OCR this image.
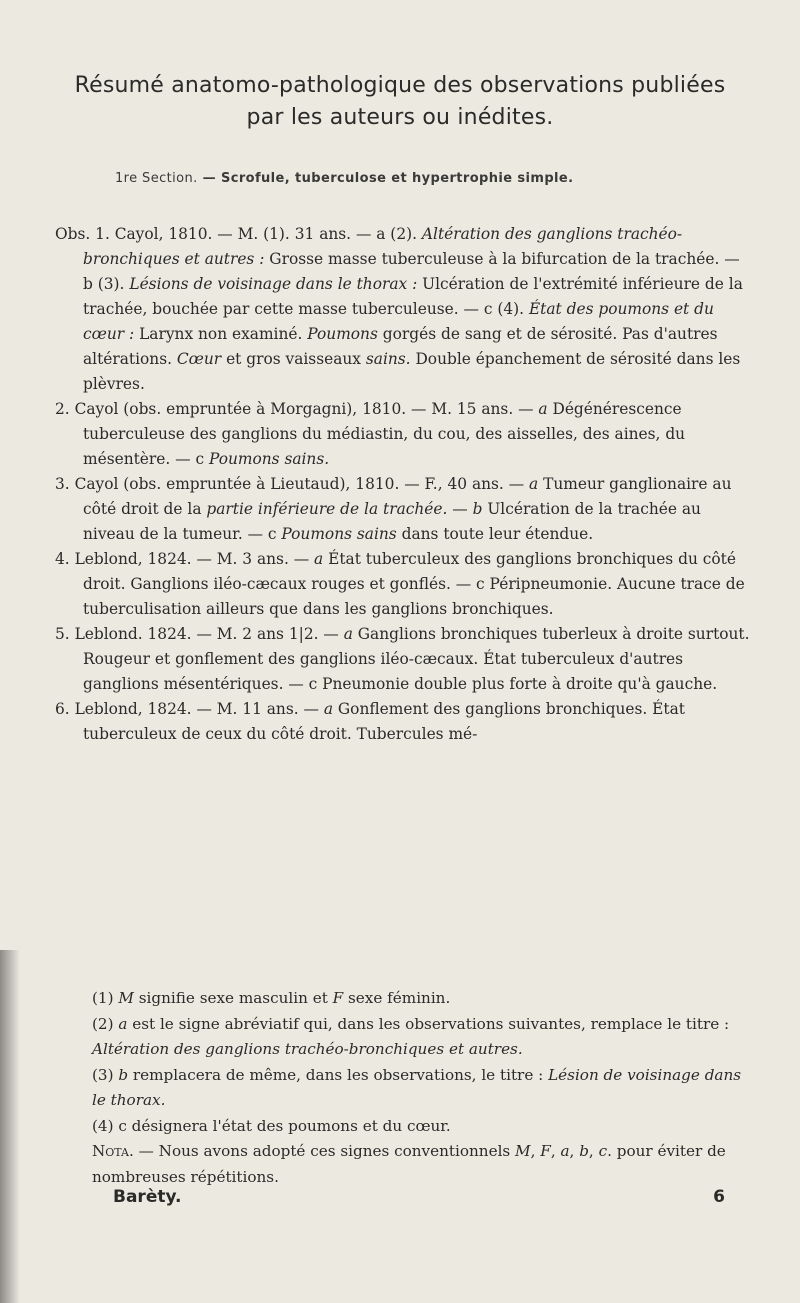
Résumé anatomo-pathologique des observations publiées
par les auteurs ou inédites.
1re Section. — Scrofule, tuberculose et hypertrophie simple.

Obs. 1. Cayol, 1810. — M. (1). 31 ans. — a (2). Altération des ganglions trachéo-bronchiques et autres : Grosse masse tuberculeuse à la bifurcation de la trachée. — b (3). Lésions de voisinage dans le thorax : Ulcération de l'extrémité inférieure de la trachée, bouchée par cette masse tuberculeuse. — c (4). État des poumons et du cœur : Larynx non examiné. Poumons gorgés de sang et de sérosité. Pas d'autres altérations. Cœur et gros vaisseaux sains. Double épanchement de sérosité dans les plèvres.

2. Cayol (obs. empruntée à Morgagni), 1810. — M. 15 ans. — a Dégénérescence tuberculeuse des ganglions du médiastin, du cou, des aisselles, des aines, du mésentère. — c Poumons sains.

3. Cayol (obs. empruntée à Lieutaud), 1810. — F., 40 ans. — a Tumeur ganglionaire au côté droit de la partie inférieure de la trachée. — b Ulcération de la trachée au niveau de la tumeur. — c Poumons sains dans toute leur étendue.

4. Leblond, 1824. — M. 3 ans. — a État tuberculeux des ganglions bronchiques du côté droit. Ganglions iléo-cæcaux rouges et gonflés. — c Péripneumonie. Aucune trace de tuberculisation ailleurs que dans les ganglions bronchiques.

5. Leblond. 1824. — M. 2 ans 1|2. — a Ganglions bronchiques tuberleux à droite surtout. Rougeur et gonflement des ganglions iléo-cæcaux. État tuberculeux d'autres ganglions mésentériques. — c Pneumonie double plus forte à droite qu'à gauche.

6. Leblond, 1824. — M. 11 ans. — a Gonflement des ganglions bronchiques. État tuberculeux de ceux du côté droit. Tubercules mé-

(1) M signifie sexe masculin et F sexe féminin.

(2) a est le signe abréviatif qui, dans les observations suivantes, remplace le titre : Altération des ganglions trachéo-bronchiques et autres.

(3) b remplacera de même, dans les observations, le titre : Lésion de voisinage dans le thorax.

(4) c désignera l'état des poumons et du cœur.

Nota. — Nous avons adopté ces signes conventionnels M, F, a, b, c. pour éviter de nombreuses répétitions.

Barèty.	6
